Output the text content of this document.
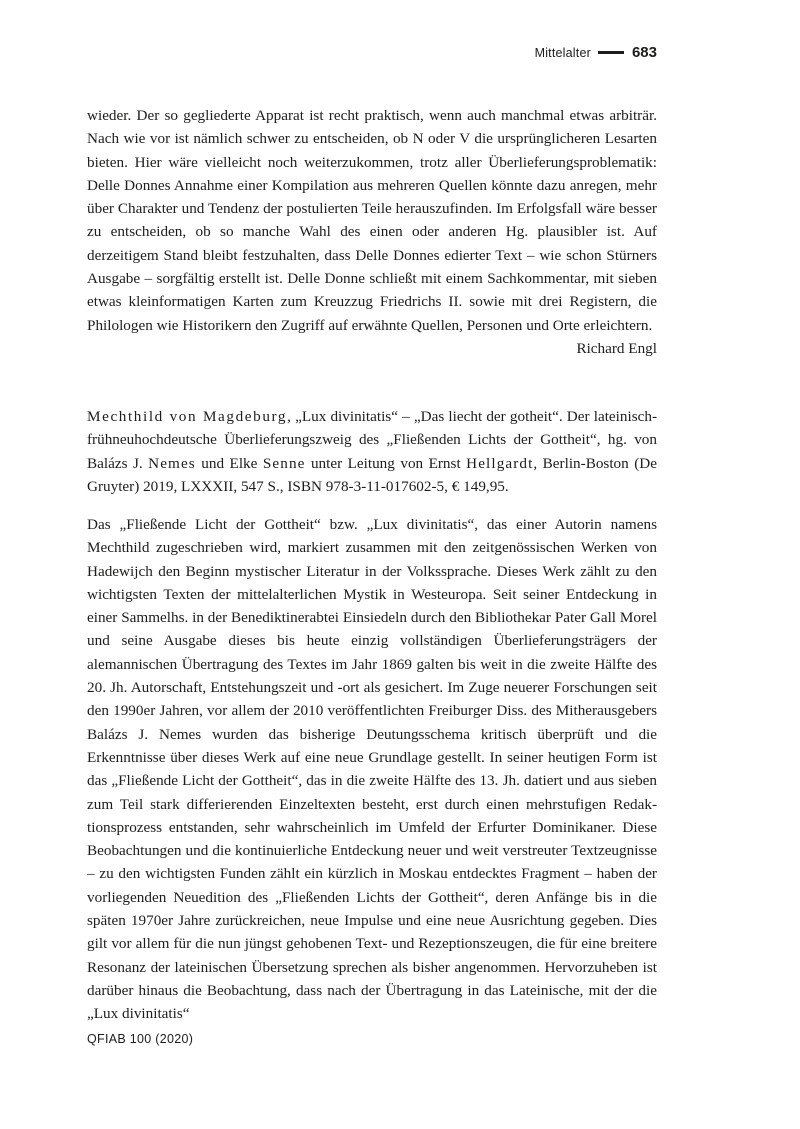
Mittelalter	683

wieder. Der so gegliederte Apparat ist recht praktisch, wenn auch manchmal etwas arbiträr. Nach wie vor ist nämlich schwer zu entscheiden, ob N oder V die ursprünglicheren Lesarten bieten. Hier wäre vielleicht noch weiterzukommen, trotz aller Überlieferungsproblematik: Delle Donnes Annahme einer Kompilation aus mehreren Quellen könnte dazu anregen, mehr über Charakter und Tendenz der postulierten Teile herauszufinden. Im Erfolgsfall wäre besser zu entscheiden, ob so manche Wahl des einen oder anderen Hg. plausibler ist. Auf derzeitigem Stand bleibt festzuhalten, dass Delle Donnes edierter Text – wie schon Stürners Ausgabe – sorgfältig erstellt ist. Delle Donne schließt mit einem Sachkommentar, mit sieben etwas kleinformatigen Karten zum Kreuzzug Friedrichs II. sowie mit drei Registern, die Philologen wie Historikern den Zugriff auf erwähnte Quellen, Personen und Orte erleichtern.

Richard Engl

Mechthild von Magdeburg, „Lux divinitatis“ – „Das liecht der gotheit“. Der lateinisch-frühneuhochdeutsche Überlieferungszweig des „Fließenden Lichts der Gottheit“, hg. von Balázs J. Nemes und Elke Senne unter Leitung von Ernst Hellgardt, Berlin-Boston (De Gruyter) 2019, LXXXII, 547 S., ISBN 978-3-11-017602-5, € 149,95.

Das „Fließende Licht der Gottheit“ bzw. „Lux divinitatis“, das einer Autorin namens Mechthild zugeschrieben wird, markiert zusammen mit den zeitgenössischen Werken von Hadewijch den Beginn mystischer Literatur in der Volkssprache. Dieses Werk zählt zu den wichtigsten Texten der mittelalterlichen Mystik in Westeuropa. Seit seiner Entdeckung in einer Sammelhs. in der Benediktinerabtei Einsiedeln durch den Bibliothekar Pater Gall Morel und seine Ausgabe dieses bis heute einzig vollständigen Überlieferungsträgers der alemannischen Übertragung des Textes im Jahr 1869 galten bis weit in die zweite Hälfte des 20. Jh. Autorschaft, Entstehungszeit und -ort als gesichert. Im Zuge neuerer Forschungen seit den 1990er Jahren, vor allem der 2010 veröffentlichten Freiburger Diss. des Mitherausgebers Balázs J. Nemes wurden das bisherige Deutungsschema kritisch überprüft und die Erkenntnisse über dieses Werk auf eine neue Grundlage gestellt. In seiner heutigen Form ist das „Fließende Licht der Gottheit“, das in die zweite Hälfte des 13. Jh. datiert und aus sieben zum Teil stark differierenden Einzeltexten besteht, erst durch einen mehrstufigen Redaktionsprozess entstanden, sehr wahrscheinlich im Umfeld der Erfurter Dominikaner. Diese Beobachtungen und die kontinuierliche Entdeckung neuer und weit verstreuter Textzeugnisse – zu den wichtigsten Funden zählt ein kürzlich in Moskau entdecktes Fragment – haben der vorliegenden Neuedition des „Fließenden Lichts der Gottheit“, deren Anfänge bis in die späten 1970er Jahre zurückreichen, neue Impulse und eine neue Ausrichtung gegeben. Dies gilt vor allem für die nun jüngst gehobenen Text- und Rezeptionszeugen, die für eine breitere Resonanz der lateinischen Übersetzung sprechen als bisher angenommen. Hervorzuheben ist darüber hinaus die Beobachtung, dass nach der Übertragung in das Lateinische, mit der die „Lux divinitatis“

QFIAB 100 (2020)
